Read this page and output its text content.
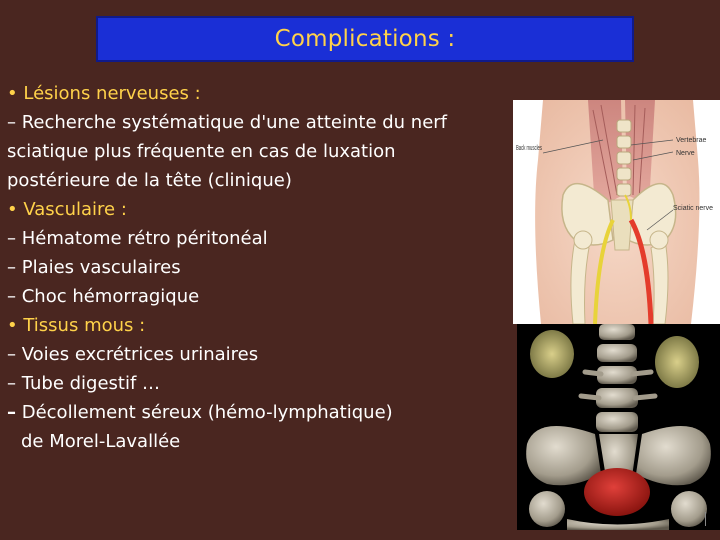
Complications :
• Lésions nerveuses :
– Recherche systématique d'une atteinte du nerf
sciatique plus fréquente en cas de luxation
postérieure de la tête (clinique)
• Vasculaire :
– Hématome rétro péritonéal
– Plaies vasculaires
– Choc hémorragique
• Tissus mous :
– Voies excrétrices urinaires
– Tube digestif …
– Décollement séreux (hémo-lymphatique)
de Morel-Lavallée
Back muscles
Vertebrae
Nerve
Sciatic nerve
